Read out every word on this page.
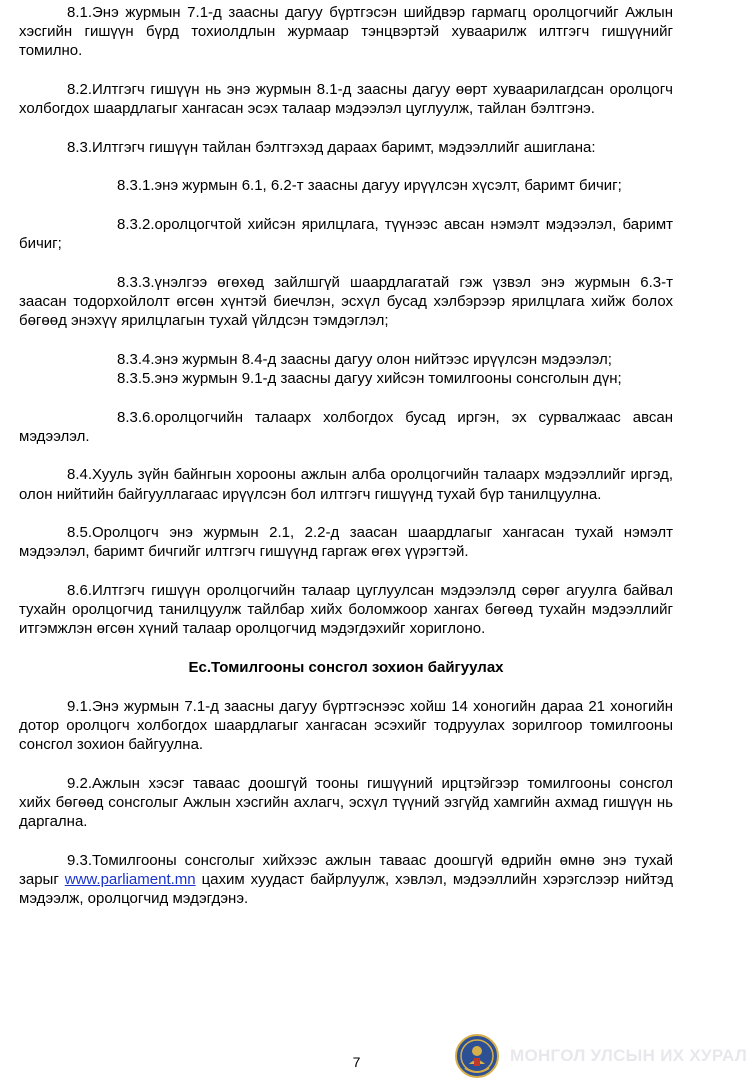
8.1.Энэ журмын 7.1-д заасны дагуу бүртгэсэн шийдвэр гармагц оролцогчийг Ажлын хэсгийн гишүүн бүрд тохиолдлын журмаар тэнцвэртэй хуваарилж илтгэгч гишүүнийг томилно.

8.2.Илтгэгч гишүүн нь энэ журмын 8.1-д заасны дагуу өөрт хуваарилагдсан оролцогч холбогдох шаардлагыг хангасан эсэх талаар мэдээлэл цуглуулж, тайлан бэлтгэнэ.

8.3.Илтгэгч гишүүн тайлан бэлтгэхэд дараах баримт, мэдээллийг ашиглана:

8.3.1.энэ журмын 6.1, 6.2-т заасны дагуу ирүүлсэн хүсэлт, баримт бичиг;

8.3.2.оролцогчтой хийсэн ярилцлага, түүнээс авсан нэмэлт мэдээлэл, баримт бичиг;

8.3.3.үнэлгээ өгөхөд зайлшгүй шаардлагатай гэж үзвэл энэ журмын 6.3-т заасан тодорхойлолт өгсөн хүнтэй биечлэн, эсхүл бусад хэлбэрээр ярилцлага хийж болох бөгөөд энэхүү ярилцлагын тухай үйлдсэн тэмдэглэл;

8.3.4.энэ журмын 8.4-д заасны дагуу олон нийтээс ирүүлсэн мэдээлэл;

8.3.5.энэ журмын 9.1-д заасны дагуу хийсэн томилгооны сонсголын дүн;

8.3.6.оролцогчийн талаарх холбогдох бусад иргэн, эх сурвалжаас авсан мэдээлэл.

8.4.Хууль зүйн байнгын хорооны ажлын алба оролцогчийн талаарх мэдээллийг иргэд, олон нийтийн байгууллагаас ирүүлсэн бол илтгэгч гишүүнд тухай бүр танилцуулна.

8.5.Оролцогч энэ журмын 2.1, 2.2-д заасан шаардлагыг хангасан тухай нэмэлт мэдээлэл, баримт бичгийг илтгэгч гишүүнд гаргаж өгөх үүрэгтэй.

8.6.Илтгэгч гишүүн оролцогчийн талаар цуглуулсан мэдээлэлд сөрөг агуулга байвал тухайн оролцогчид танилцуулж тайлбар хийх боломжоор хангах бөгөөд тухайн мэдээллийг итгэмжлэн өгсөн хүний талаар оролцогчид мэдэгдэхийг хориглоно.

Ес.Томилгооны сонсгол зохион байгуулах

9.1.Энэ журмын 7.1-д заасны дагуу бүртгэснээс хойш 14 хоногийн дараа 21 хоногийн дотор оролцогч холбогдох шаардлагыг хангасан эсэхийг тодруулах зорилгоор томилгооны сонсгол зохион байгуулна.

9.2.Ажлын хэсэг таваас доошгүй тооны гишүүний ирцтэйгээр томилгооны сонсгол хийх бөгөөд сонсголыг Ажлын хэсгийн ахлагч, эсхүл түүний эзгүйд хамгийн ахмад гишүүн нь даргална.

9.3.Томилгооны сонсголыг хийхээс ажлын таваас доошгүй өдрийн өмнө энэ тухай зарыг www.parliament.mn цахим хуудаст байрлуулж, хэвлэл, мэдээллийн хэрэгслээр нийтэд мэдээлж, оролцогчид мэдэгдэнэ.

7	МОНГОЛ УЛСЫН ИХ ХУРАЛ
